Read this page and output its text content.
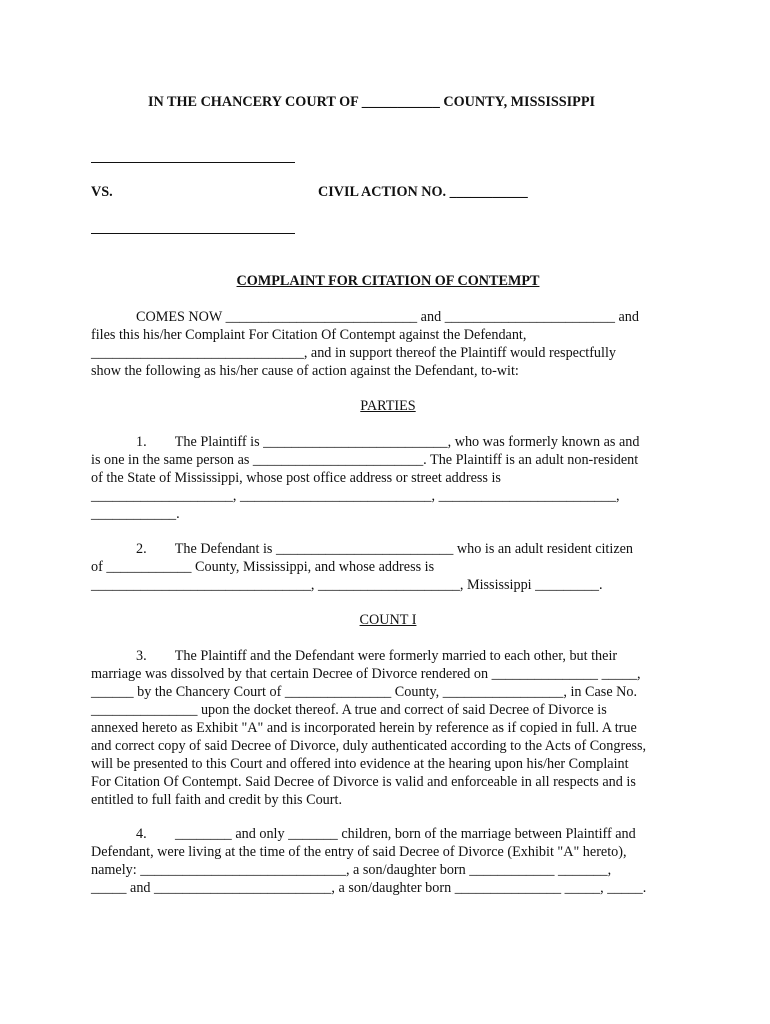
IN THE CHANCERY COURT OF ___________ COUNTY, MISSISSIPPI
VS.	CIVIL ACTION NO. ___________
COMPLAINT FOR CITATION OF CONTEMPT
COMES NOW ___________________________ and ________________________ and
files this his/her Complaint For Citation Of Contempt against the Defendant,
______________________________, and in support thereof the Plaintiff would respectfully
show the following as his/her cause of action against the Defendant, to-wit:
PARTIES
1.        The Plaintiff is __________________________, who was formerly known as and
is one in the same person as ________________________. The Plaintiff is an adult non-resident
of the State of Mississippi, whose post office address or street address is
____________________, ___________________________, _________________________,
____________.
2.        The Defendant is _________________________ who is an adult resident citizen
of ____________ County, Mississippi, and whose address is
_______________________________, ____________________, Mississippi _________.
COUNT I
3.        The Plaintiff and the Defendant were formerly married to each other, but their
marriage was dissolved by that certain Decree of Divorce rendered on _______________ _____,
______ by the Chancery Court of _______________ County, _________________, in Case No.
_______________ upon the docket thereof. A true and correct of said Decree of Divorce is
annexed hereto as Exhibit "A" and is incorporated herein by reference as if copied in full. A true
and correct copy of said Decree of Divorce, duly authenticated according to the Acts of Congress,
will be presented to this Court and offered into evidence at the hearing upon his/her Complaint
For Citation Of Contempt. Said Decree of Divorce is valid and enforceable in all respects and is
entitled to full faith and credit by this Court.
4.        ________ and only _______ children, born of the marriage between Plaintiff and
Defendant, were living at the time of the entry of said Decree of Divorce (Exhibit "A" hereto),
namely: _____________________________, a son/daughter born ____________ _______,
_____ and _________________________, a son/daughter born _______________ _____, _____.
